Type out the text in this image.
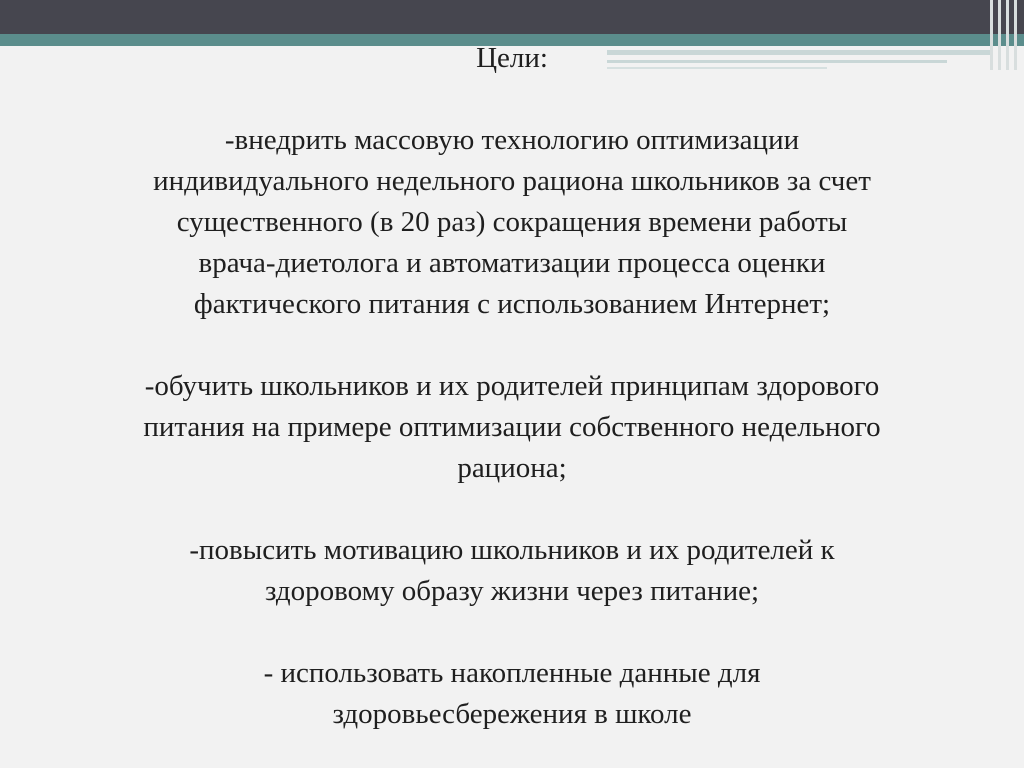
Цели:
-внедрить массовую технологию оптимизации
индивидуального недельного рациона школьников за счет
существенного (в 20 раз) сокращения времени работы
врача-диетолога и автоматизации процесса оценки
фактического питания с использованием Интернет;
-обучить школьников и их родителей принципам здорового
питания на примере оптимизации собственного недельного
рациона;
-повысить мотивацию школьников и их родителей к
здоровому образу жизни через питание;
- использовать накопленные данные для
здоровьесбережения в школе
